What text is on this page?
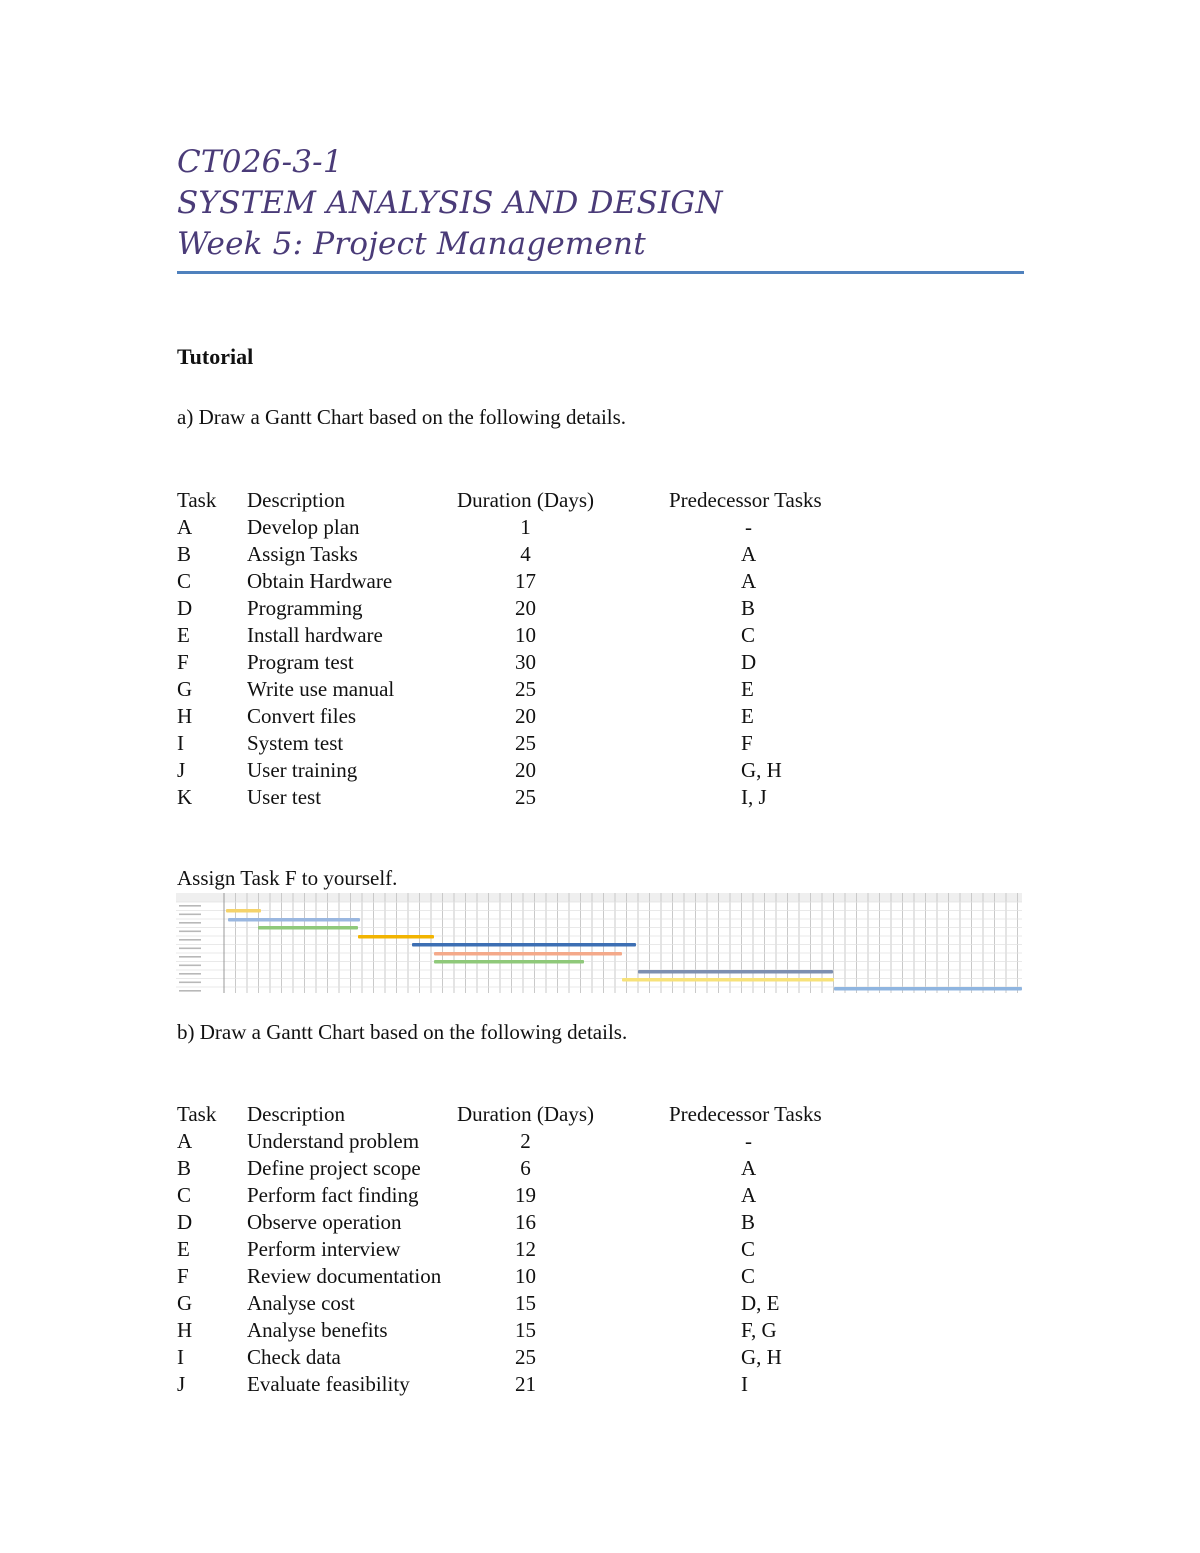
CT026-3-1
SYSTEM ANALYSIS AND DESIGN
Week 5: Project Management
Tutorial
a) Draw a Gantt Chart based on the following details.
Task Description	Duration (Days)	Predecessor Tasks
A	Develop plan	1	-
B	Assign Tasks	4	A
C	Obtain Hardware	17	A
D	Programming	20	B
E	Install hardware	10	C
F	Program test	30	D
G	Write use manual	25	E
H	Convert files	20	E
I	System test	25	F
J	User training	20	G, H
K	User test	25	I, J
Assign Task F to yourself.
b) Draw a Gantt Chart based on the following details.
Task Description	Duration (Days)	Predecessor Tasks
A	Understand problem	2	-
B	Define project scope	6	A
C	Perform fact finding	19	A
D	Observe operation	16	B
E	Perform interview	12	C
F	Review documentation	10	C
G	Analyse cost	15	D, E
H	Analyse benefits	15	F, G
I	Check data	25	G, H
J	Evaluate feasibility	21	I
